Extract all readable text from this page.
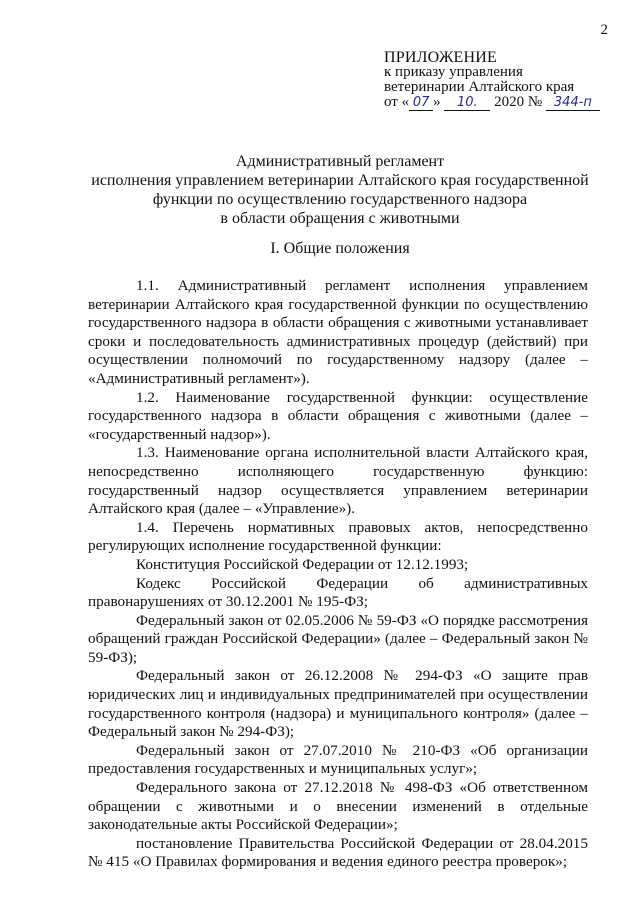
2
ПРИЛОЖЕНИЕ
к приказу управления
ветеринарии Алтайского края
от « 07 » 10. 2020 № 344-п
Административный регламент
исполнения управлением ветеринарии Алтайского края государственной
функции по осуществлению государственного надзора
в области обращения с животными
I. Общие положения

1.1. Административный регламент исполнения управлением ветеринарии Алтайского края государственной функции по осуществлению государственного надзора в области обращения с животными устанавливает сроки и последовательность административных процедур (действий) при осуществлении полномочий по государственному надзору (далее – «Административный регламент»).

1.2. Наименование государственной функции: осуществление государственного надзора в области обращения с животными (далее – «государственный надзор»).

1.3. Наименование органа исполнительной власти Алтайского края, непосредственно исполняющего государственную функцию: государственный надзор осуществляется управлением ветеринарии Алтайского края (далее – «Управление»).

1.4. Перечень нормативных правовых актов, непосредственно регулирующих исполнение государственной функции:

Конституция Российской Федерации от 12.12.1993;

Кодекс Российской Федерации об административных правонарушениях от 30.12.2001 № 195-ФЗ;

Федеральный закон от 02.05.2006 № 59-ФЗ «О порядке рассмотрения обращений граждан Российской Федерации» (далее – Федеральный закон № 59-ФЗ);

Федеральный закон от 26.12.2008 № 294-ФЗ «О защите прав юридических лиц и индивидуальных предпринимателей при осуществлении государственного контроля (надзора) и муниципального контроля» (далее – Федеральный закон № 294-ФЗ);

Федеральный закон от 27.07.2010 № 210-ФЗ «Об организации предоставления государственных и муниципальных услуг»;

Федерального закона от 27.12.2018 № 498-ФЗ «Об ответственном обращении с животными и о внесении изменений в отдельные законодательные акты Российской Федерации»;

постановление Правительства Российской Федерации от 28.04.2015 № 415 «О Правилах формирования и ведения единого реестра проверок»;
